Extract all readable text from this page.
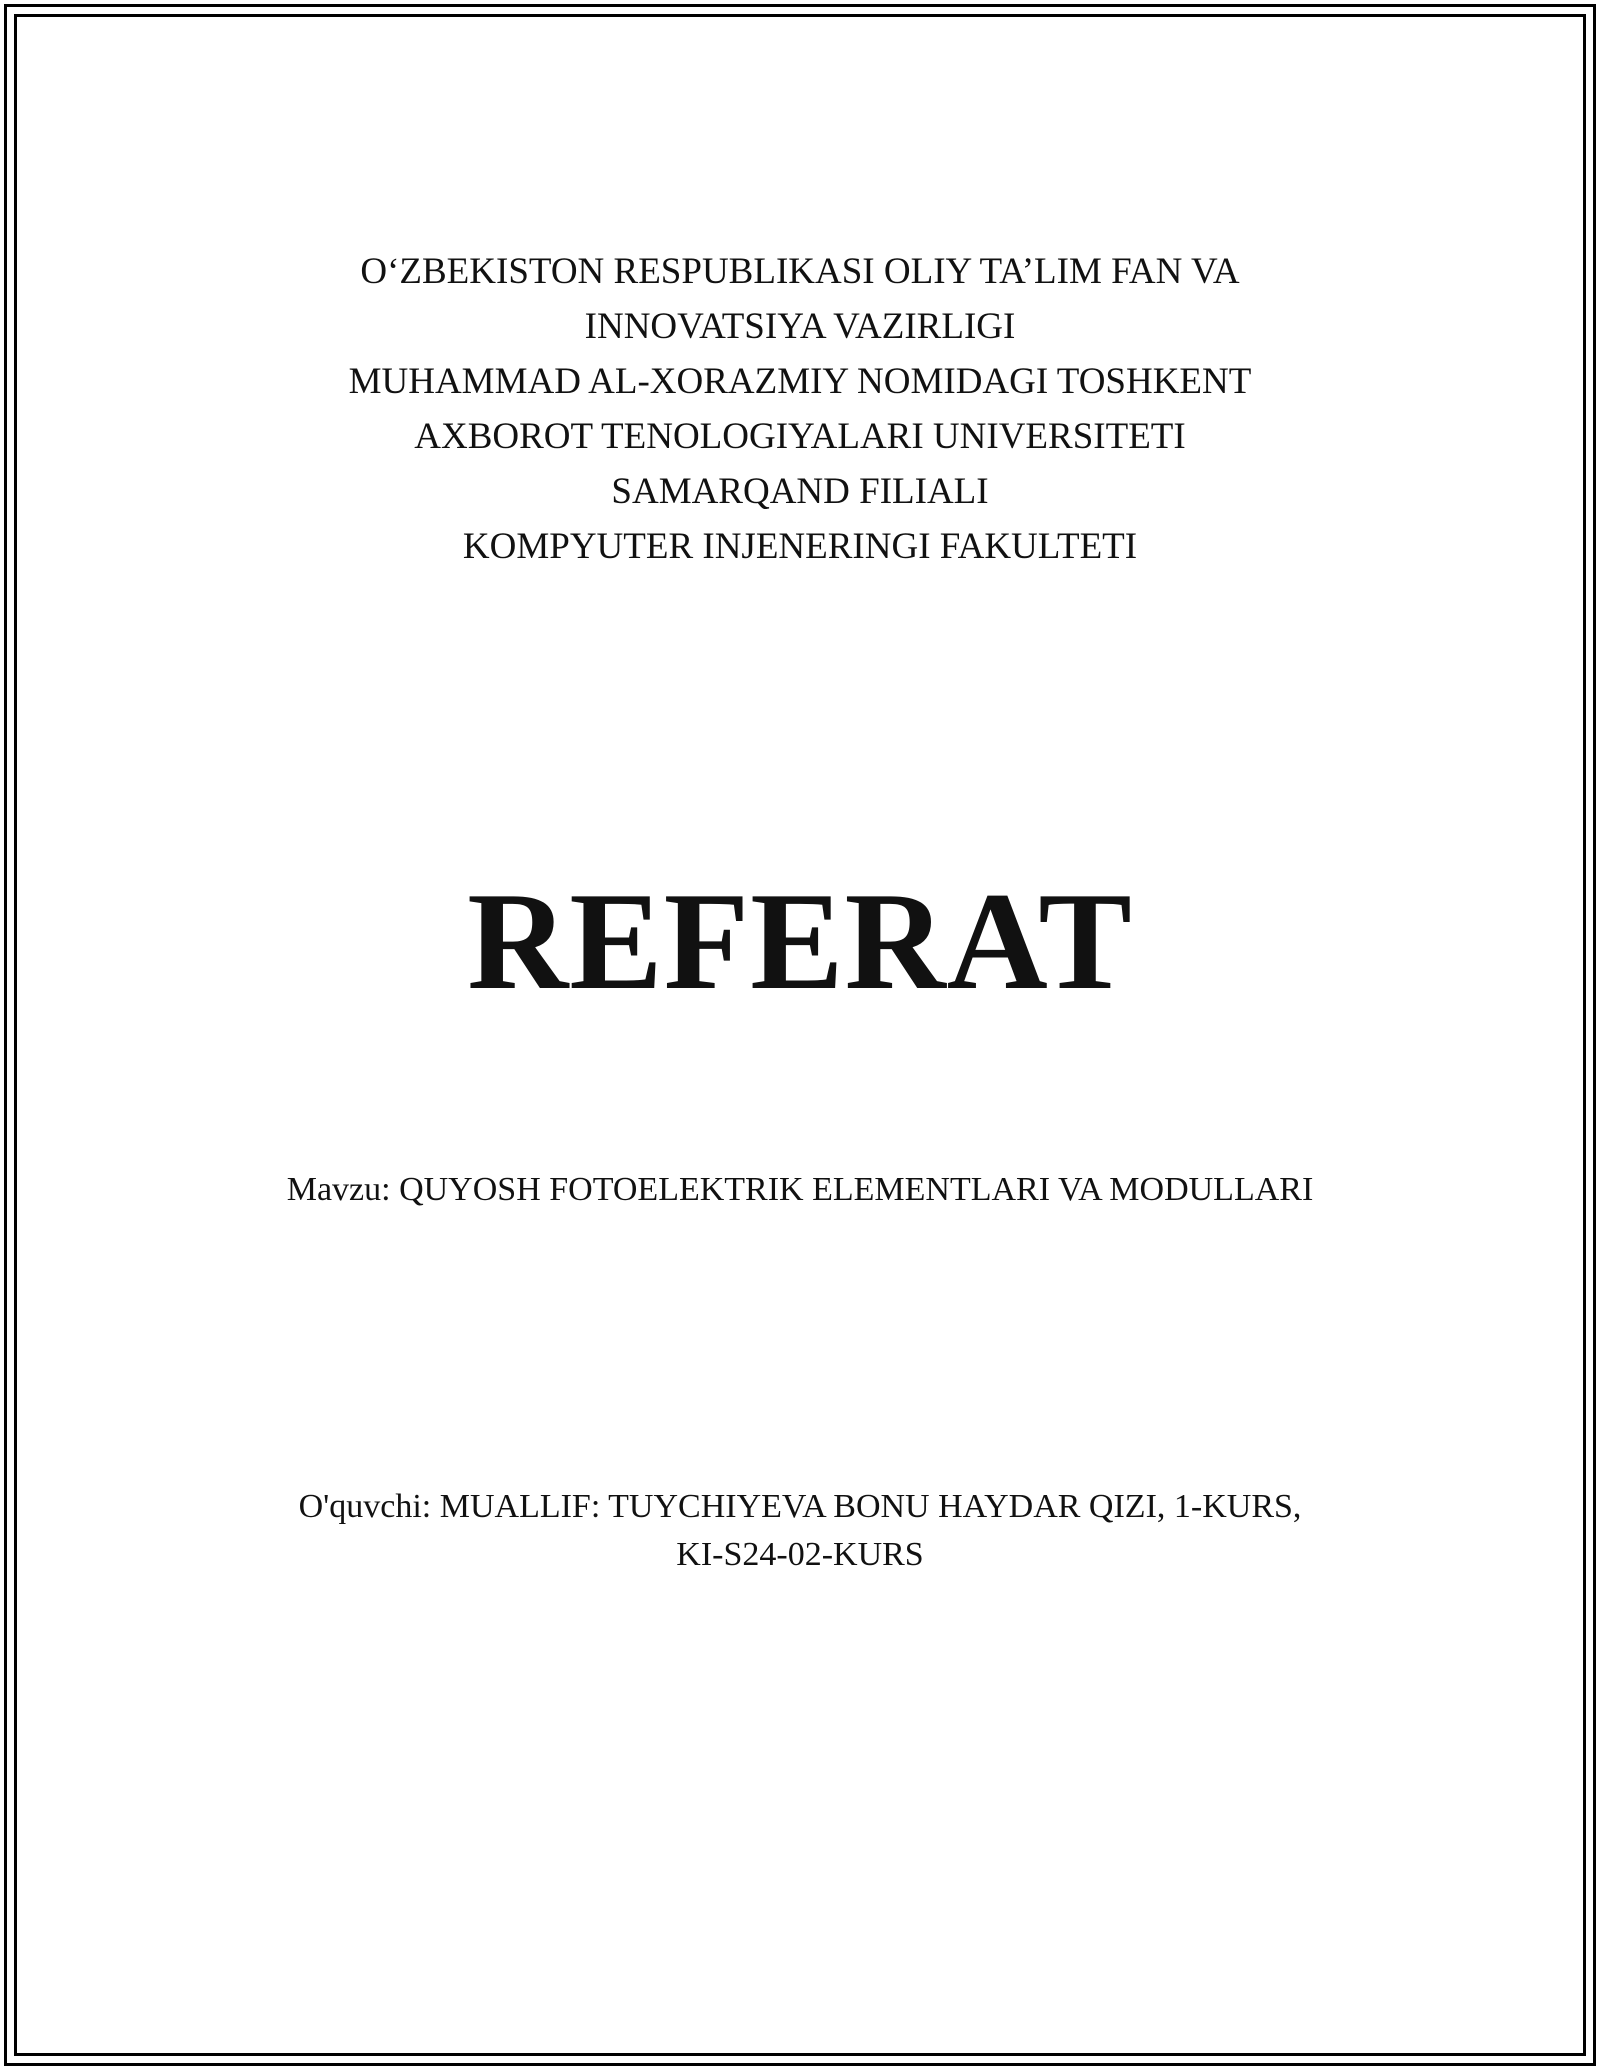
O‘ZBEKISTON RESPUBLIKASI OLIY TA’LIM FAN VA
INNOVATSIYA VAZIRLIGI
MUHAMMAD AL-XORAZMIY NOMIDAGI TOSHKENT
AXBOROT TENOLOGIYALARI UNIVERSITETI
SAMARQAND FILIALI
KOMPYUTER INJENERINGI FAKULTETI
REFERAT
Mavzu: QUYOSH FOTOELEKTRIK ELEMENTLARI VA MODULLARI
O'quvchi: MUALLIF: TUYCHIYEVA BONU HAYDAR QIZI, 1-KURS,
KI-S24-02-KURS
